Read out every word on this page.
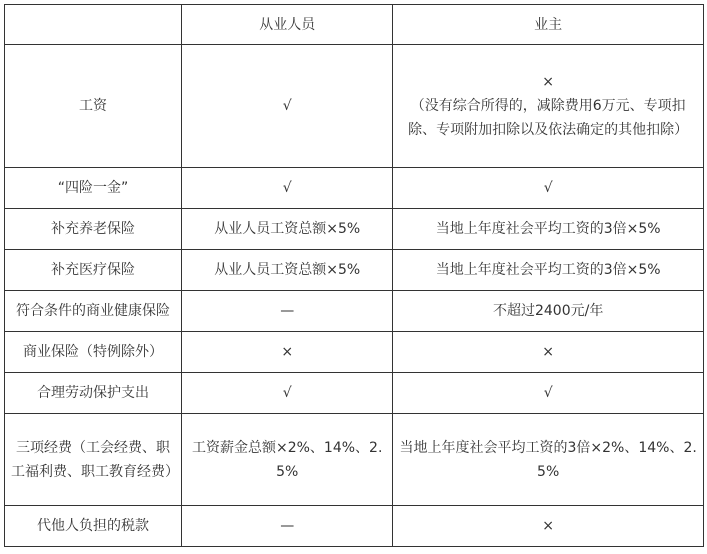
	从业人员	业主
工资	√	×
（没有综合所得的，减除费用6万元、专项扣除、专项附加扣除以及依法确定的其他扣除）
“四险一金”	√	√
补充养老保险	从业人员工资总额×5%	当地上年度社会平均工资的3倍×5%
补充医疗保险	从业人员工资总额×5%	当地上年度社会平均工资的3倍×5%
符合条件的商业健康保险	—	不超过2400元/年
商业保险（特例除外）	×	×
合理劳动保护支出	√	√
三项经费（工会经费、职工福利费、职工教育经费）	工资薪金总额×2%、14%、2.5%	当地上年度社会平均工资的3倍×2%、14%、2.5%
代他人负担的税款	—	×
